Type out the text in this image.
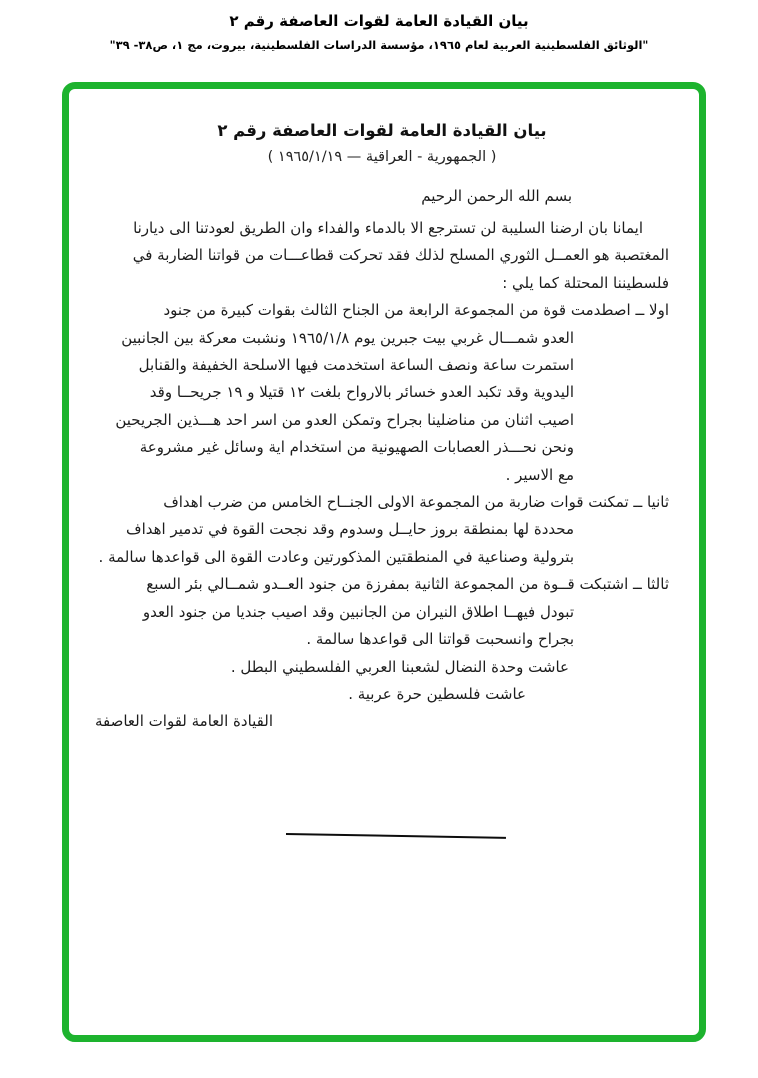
بيان القيادة العامة لقوات العاصفة رقم ٢
"الوثائق الفلسطينية العربية لعام ١٩٦٥، مؤسسة الدراسات الفلسطينية، بيروت، مج ١، ص٣٨- ٣٩"
بيان القيادة العامة لقوات العاصفة رقم ٢
( الجمهورية - العراقية — ١٩٦٥/١/١٩ )
بسم الله الرحمن الرحيم
ايمانا بان ارضنا السليبة لن تسترجع الا بالدماء والفداء وان الطريق لعودتنا الى ديارنا
المغتصبة هو العمــل الثوري المسلح لذلك فقد تحركت قطاعـــات من قواتنا الضاربة في
فلسطيننا المحتلة كما يلي :
اولا ــ اصطدمت قوة من المجموعة الرابعة من الجناح الثالث بقوات كبيرة من جنود
العدو شمـــال غربي بيت جبرين يوم ١٩٦٥/١/٨ ونشبت معركة بين الجانبين
استمرت ساعة ونصف الساعة استخدمت فيها الاسلحة الخفيفة والقنابل
اليدوية وقد تكبد العدو خسائر بالارواح بلغت ١٢ قتيلا و ١٩ جريحــا وقد
اصيب اثنان من مناضلينا بجراح وتمكن العدو من اسر احد هـــذين الجريحين
ونحن نحـــذر العصابات الصهيونية من استخدام اية وسائل غير مشروعة
مع الاسير .
ثانيا ــ تمكنت قوات ضاربة من المجموعة الاولى الجنــاح الخامس من ضرب اهداف
محددة لها بمنطقة بروز حايــل وسدوم وقد نجحت القوة في تدمير اهداف
بترولية وصناعية في المنطقتين المذكورتين وعادت القوة الى قواعدها سالمة .
ثالثا ــ اشتبكت قــوة من المجموعة الثانية بمفرزة من جنود العــدو شمــالي بئر السبع
تبودل فيهــا اطلاق النيران من الجانبين وقد اصيب جنديا من جنود العدو
بجراح وانسحبت قواتنا الى قواعدها سالمة .
عاشت وحدة النضال لشعبنا العربي الفلسطيني البطل .
عاشت فلسطين حرة عربية .
القيادة العامة لقوات العاصفة
